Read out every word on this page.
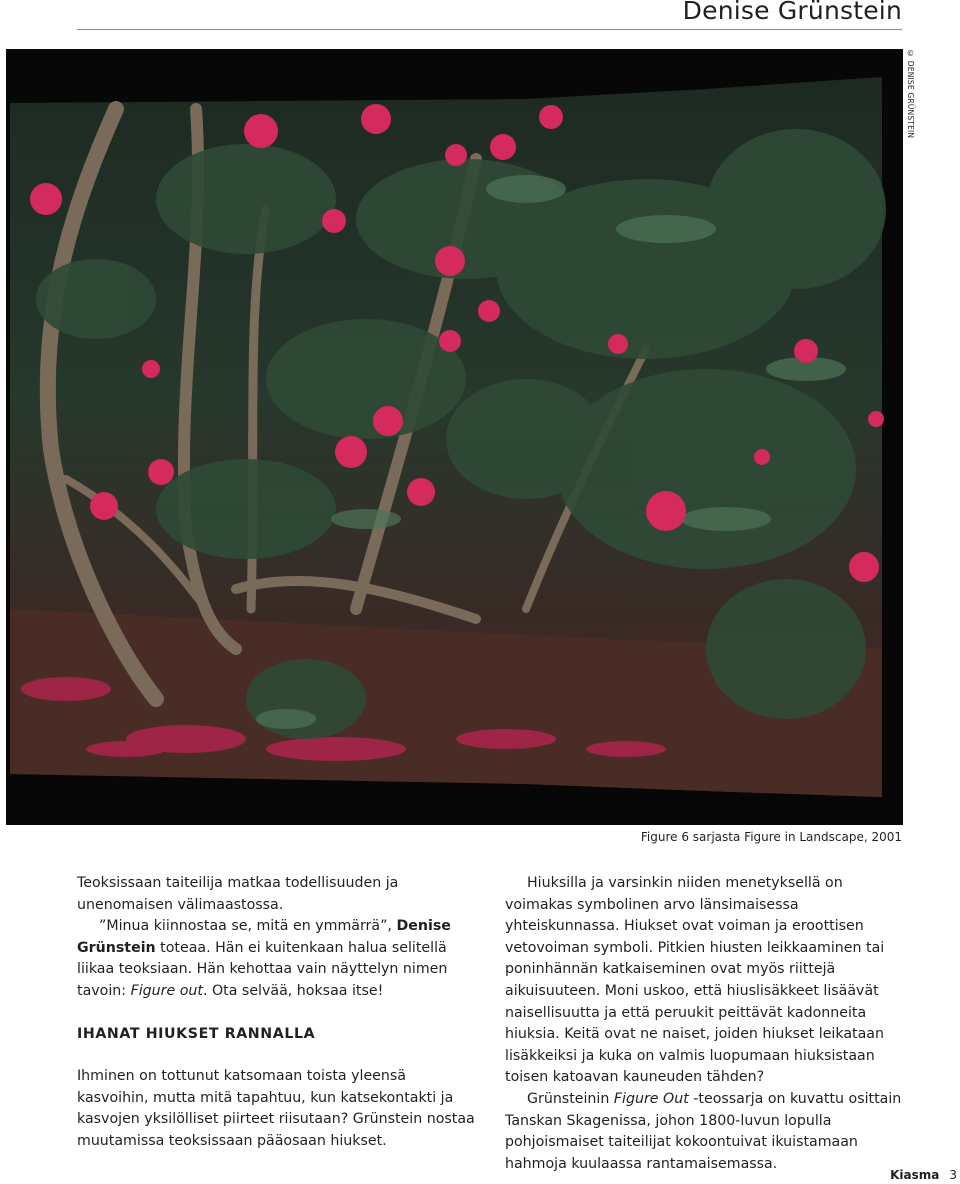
Denise Grünstein
© DENISE GRÜNSTEIN
Figure 6 sarjasta Figure in Landscape, 2001

Teoksissaan taiteilija matkaa todellisuuden ja unenomaisen välimaastossa.

”Minua kiinnostaa se, mitä en ymmärrä”, Denise Grünstein toteaa. Hän ei kuitenkaan halua selitellä liikaa teoksiaan. Hän kehottaa vain näyttelyn nimen tavoin: Figure out. Ota selvää, hoksaa itse!

IHANAT HIUKSET RANNALLA

Ihminen on tottunut katsomaan toista yleensä kasvoihin, mutta mitä tapahtuu, kun katsekontakti ja kasvojen yksilölliset piirteet riisutaan? Grünstein nostaa muutamissa teoksissaan pääosaan hiukset.

Hiuksilla ja varsinkin niiden menetyksellä on voimakas symbolinen arvo länsimaisessa yhteiskunnassa. Hiukset ovat voiman ja eroottisen vetovoiman symboli. Pitkien hiusten leikkaaminen tai poninhännän katkaiseminen ovat myös riittejä aikuisuuteen. Moni uskoo, että hiuslisäkkeet lisäävät naisellisuutta ja että peruukit peittävät kadonneita hiuksia. Keitä ovat ne naiset, joiden hiukset leikataan lisäkkeiksi ja kuka on valmis luopumaan hiuksistaan toisen katoavan kauneuden tähden?

Grünsteinin Figure Out -teossarja on kuvattu osittain Tanskan Skagenissa, johon 1800-luvun lopulla pohjoismaiset taiteilijat kokoontuivat ikuistamaan hahmoja kuulaassa rantamaisemassa.

Kiasma 3
